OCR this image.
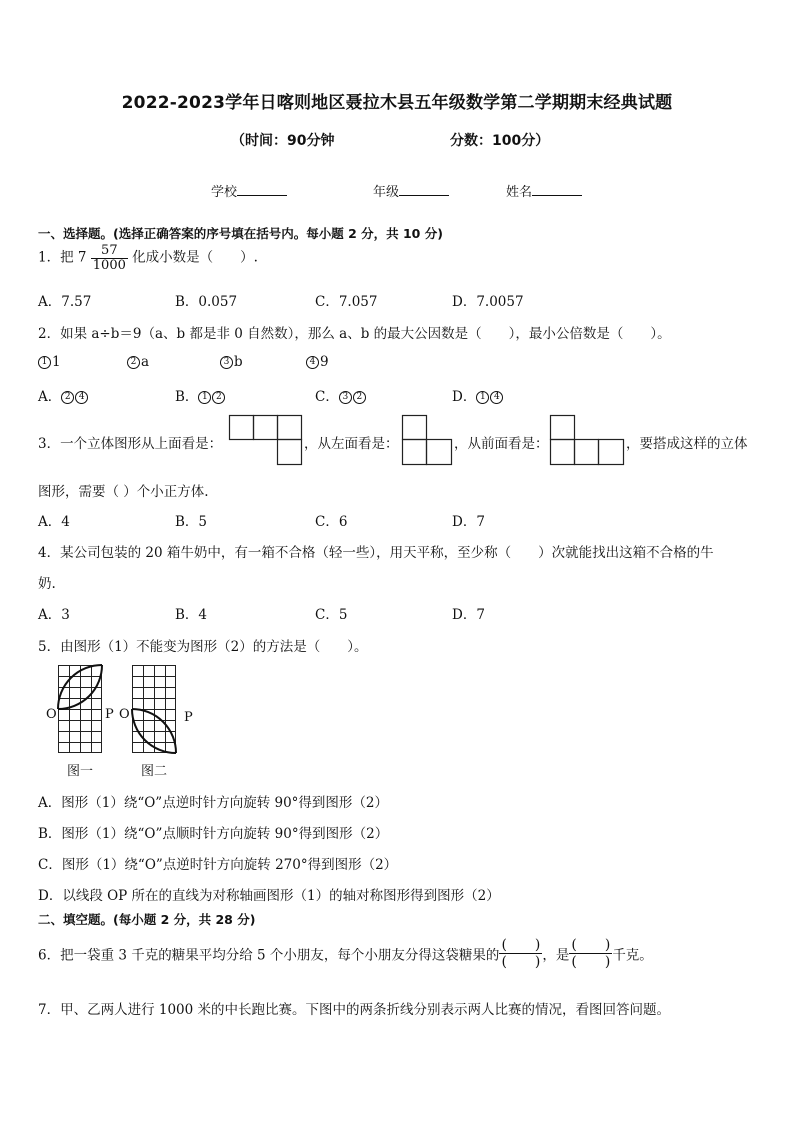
2022-2023学年日喀则地区聂拉木县五年级数学第二学期期末经典试题
（时间：90分钟	分数：100分）
学校	年级	姓名
一、选择题。(选择正确答案的序号填在括号内。每小题 2 分，共 10 分)
1．把 $7 \frac{57}{1000}$ 化成小数是（　　）.
A．7.57	B．0.057	C．7.057	D．7.0057
2．如果 a÷b＝9（a、b 都是非 0 自然数），那么 a、b 的最大公因数是（　　），最小公倍数是（　　）。
1 1	2 a	3 b	4 9
A． 2 4	B． 1 2	C． 3 2	D． 1 4
3．一个立体图形从上面看是：	，从左面看是：	，从前面看是：	，要搭成这样的立体
图形，需要（ ）个小正方体.
A．4	B．5	C．6	D．7
4．某公司包装的 20 箱牛奶中，有一箱不合格（轻一些），用天平称，至少称（　　）次就能找出这箱不合格的牛
奶.
A．3	B．4	C．5	D．7
5．由图形（1）不能变为图形（2）的方法是（　　）。
O	P O	P
图一	图二
A．图形（1）绕“O”点逆时针方向旋转 90°得到图形（2）
B．图形（1）绕“O”点顺时针方向旋转 90°得到图形（2）
C．图形（1）绕“O”点逆时针方向旋转 270°得到图形（2）
D．以线段 OP 所在的直线为对称轴画图形（1）的轴对称图形得到图形（2）
二、填空题。(每小题 2 分，共 28 分)
6．把一袋重 3 千克的糖果平均分给 5 个小朋友，每个小朋友分得这袋糖果的
(　　)
(　　) ，是
(　　)
(　　) 千克。
7．甲、乙两人进行 1000 米的中长跑比赛。下图中的两条折线分别表示两人比赛的情况，看图回答问题。
